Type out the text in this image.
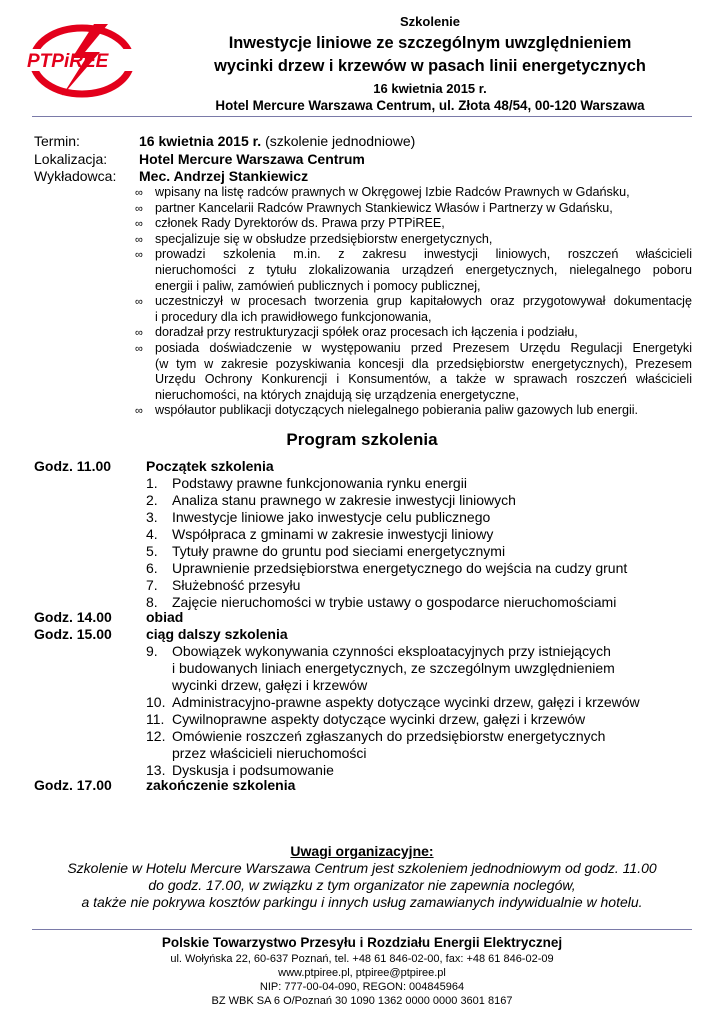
PTPiREE
Szkolenie
Inwestycje liniowe ze szczególnym uwzględnieniem
wycinki drzew i krzewów w pasach linii energetycznych
16 kwietnia 2015 r.
Hotel Mercure Warszawa Centrum, ul. Złota 48/54, 00-120 Warszawa
Termin:	16 kwietnia 2015 r. (szkolenie jednodniowe)
Lokalizacja: Hotel Mercure Warszawa Centrum
Wykładowca: Mec. Andrzej Stankiewicz
∞ wpisany na listę radców prawnych w Okręgowej Izbie Radców Prawnych w Gdańsku,
∞ partner Kancelarii Radców Prawnych Stankiewicz Własów i Partnerzy w Gdańsku,
∞ członek Rady Dyrektorów ds. Prawa przy PTPiREE,
∞ specjalizuje się w obsłudze przedsiębiorstw energetycznych,
∞ prowadzi szkolenia m.in. z zakresu inwestycji liniowych, roszczeń właścicieli
nieruchomości z tytułu zlokalizowania urządzeń energetycznych, nielegalnego poboru
energii i paliw, zamówień publicznych i pomocy publicznej,
∞ uczestniczył w procesach tworzenia grup kapitałowych oraz przygotowywał dokumentację
i procedury dla ich prawidłowego funkcjonowania,
∞ doradzał przy restrukturyzacji spółek oraz procesach ich łączenia i podziału,
∞ posiada doświadczenie w występowaniu przed Prezesem Urzędu Regulacji Energetyki
(w tym w zakresie pozyskiwania koncesji dla przedsiębiorstw energetycznych), Prezesem
Urzędu Ochrony Konkurencji i Konsumentów, a także w sprawach roszczeń właścicieli
nieruchomości, na których znajdują się urządzenia energetyczne,
∞ współautor publikacji dotyczących nielegalnego pobierania paliw gazowych lub energii.
Program szkolenia
Godz. 11.00 Początek szkolenia
1. Podstawy prawne funkcjonowania rynku energii
2. Analiza stanu prawnego w zakresie inwestycji liniowych
3. Inwestycje liniowe jako inwestycje celu publicznego
4. Współpraca z gminami w zakresie inwestycji liniowy
5. Tytuły prawne do gruntu pod sieciami energetycznymi
6. Uprawnienie przedsiębiorstwa energetycznego do wejścia na cudzy grunt
7. Służebność przesyłu
8. Zajęcie nieruchomości w trybie ustawy o gospodarce nieruchomościami
Godz. 14.00 obiad
Godz. 15.00 ciąg dalszy szkolenia
9. Obowiązek wykonywania czynności eksploatacyjnych przy istniejących
i budowanych liniach energetycznych, ze szczególnym uwzględnieniem
wycinki drzew, gałęzi i krzewów
10. Administracyjno-prawne aspekty dotyczące wycinki drzew, gałęzi i krzewów
11. Cywilnoprawne aspekty dotyczące wycinki drzew, gałęzi i krzewów
12. Omówienie roszczeń zgłaszanych do przedsiębiorstw energetycznych
przez właścicieli nieruchomości
13. Dyskusja i podsumowanie
Godz. 17.00 zakończenie szkolenia
Uwagi organizacyjne:
Szkolenie w Hotelu Mercure Warszawa Centrum jest szkoleniem jednodniowym od godz. 11.00
do godz. 17.00, w związku z tym organizator nie zapewnia noclegów,
a także nie pokrywa kosztów parkingu i innych usług zamawianych indywidualnie w hotelu.
Polskie Towarzystwo Przesyłu i Rozdziału Energii Elektrycznej
ul. Wołyńska 22, 60-637 Poznań, tel. +48 61 846-02-00, fax: +48 61 846-02-09
www.ptpiree.pl, ptpiree@ptpiree.pl
NIP: 777-00-04-090, REGON: 004845964
BZ WBK SA 6 O/Poznań 30 1090 1362 0000 0000 3601 8167
